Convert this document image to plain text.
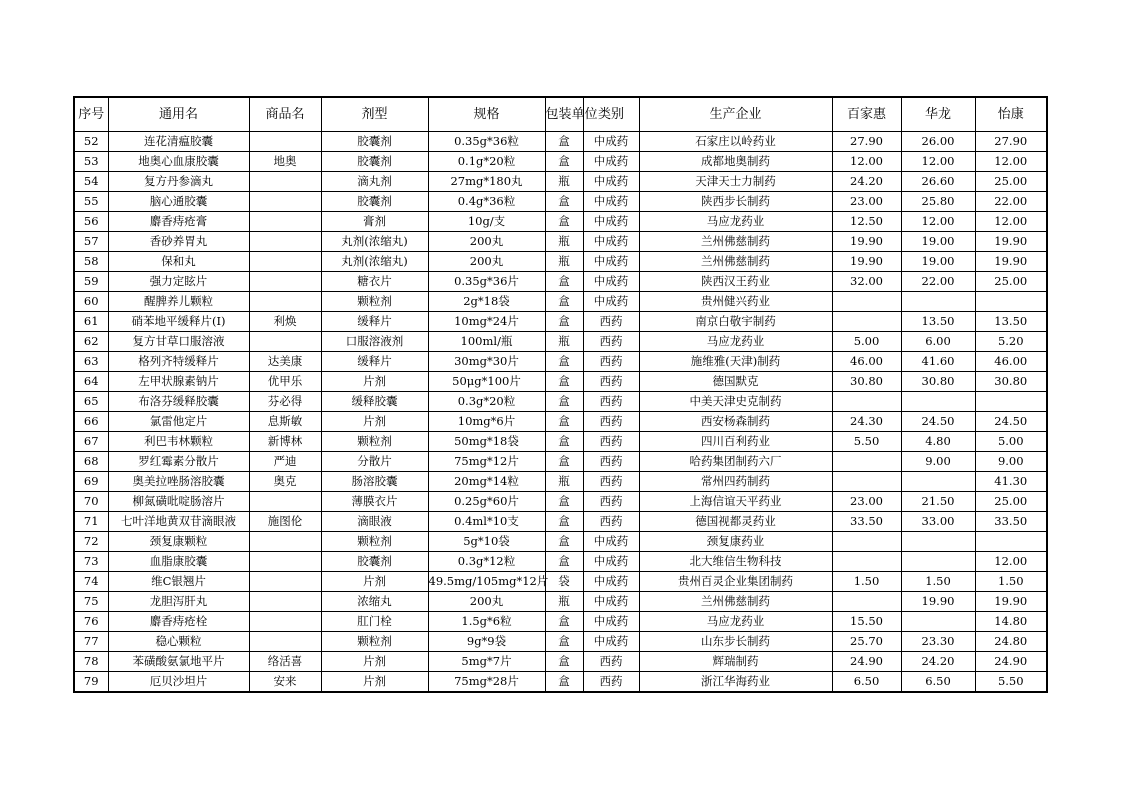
序号	通用名	商品名	剂型	规格	包装单位	类别	生产企业	百家惠	华龙	怡康
52	连花清瘟胶囊		胶囊剂	0.35g*36粒	盒	中成药	石家庄以岭药业	27.90	26.00	27.90
53	地奥心血康胶囊	地奥	胶囊剂	0.1g*20粒	盒	中成药	成都地奥制药	12.00	12.00	12.00
54	复方丹参滴丸		滴丸剂	27mg*180丸	瓶	中成药	天津天士力制药	24.20	26.60	25.00
55	脑心通胶囊		胶囊剂	0.4g*36粒	盒	中成药	陕西步长制药	23.00	25.80	22.00
56	麝香痔疮膏		膏剂	10g/支	盒	中成药	马应龙药业	12.50	12.00	12.00
57	香砂养胃丸		丸剂(浓缩丸)	200丸	瓶	中成药	兰州佛慈制药	19.90	19.00	19.90
58	保和丸		丸剂(浓缩丸)	200丸	瓶	中成药	兰州佛慈制药	19.90	19.00	19.90
59	强力定眩片		糖衣片	0.35g*36片	盒	中成药	陕西汉王药业	32.00	22.00	25.00
60	醒脾养儿颗粒		颗粒剂	2g*18袋	盒	中成药	贵州健兴药业			
61	硝苯地平缓释片(Ⅰ)	利焕	缓释片	10mg*24片	盒	西药	南京白敬宇制药		13.50	13.50
62	复方甘草口服溶液		口服溶液剂	100ml/瓶	瓶	西药	马应龙药业	5.00	6.00	5.20
63	格列齐特缓释片	达美康	缓释片	30mg*30片	盒	西药	施维雅(天津)制药	46.00	41.60	46.00
64	左甲状腺素钠片	优甲乐	片剂	50μg*100片	盒	西药	德国默克	30.80	30.80	30.80
65	布洛芬缓释胶囊	芬必得	缓释胶囊	0.3g*20粒	盒	西药	中美天津史克制药			
66	氯雷他定片	息斯敏	片剂	10mg*6片	盒	西药	西安杨森制药	24.30	24.50	24.50
67	利巴韦林颗粒	新博林	颗粒剂	50mg*18袋	盒	西药	四川百利药业	5.50	4.80	5.00
68	罗红霉素分散片	严迪	分散片	75mg*12片	盒	西药	哈药集团制药六厂		9.00	9.00
69	奥美拉唑肠溶胶囊	奥克	肠溶胶囊	20mg*14粒	瓶	西药	常州四药制药			41.30
70	柳氮磺吡啶肠溶片		薄膜衣片	0.25g*60片	盒	西药	上海信谊天平药业	23.00	21.50	25.00
71	七叶洋地黄双苷滴眼液	施图伦	滴眼液	0.4ml*10支	盒	西药	德国视都灵药业	33.50	33.00	33.50
72	颈复康颗粒		颗粒剂	5g*10袋	盒	中成药	颈复康药业			
73	血脂康胶囊		胶囊剂	0.3g*12粒	盒	中成药	北大维信生物科技			12.00
74	维C银翘片		片剂	49.5mg/105mg*12片	袋	中成药	贵州百灵企业集团制药	1.50	1.50	1.50
75	龙胆泻肝丸		浓缩丸	200丸	瓶	中成药	兰州佛慈制药		19.90	19.90
76	麝香痔疮栓		肛门栓	1.5g*6粒	盒	中成药	马应龙药业	15.50		14.80
77	稳心颗粒		颗粒剂	9g*9袋	盒	中成药	山东步长制药	25.70	23.30	24.80
78	苯磺酸氨氯地平片	络活喜	片剂	5mg*7片	盒	西药	辉瑞制药	24.90	24.20	24.90
79	厄贝沙坦片	安来	片剂	75mg*28片	盒	西药	浙江华海药业	6.50	6.50	5.50
